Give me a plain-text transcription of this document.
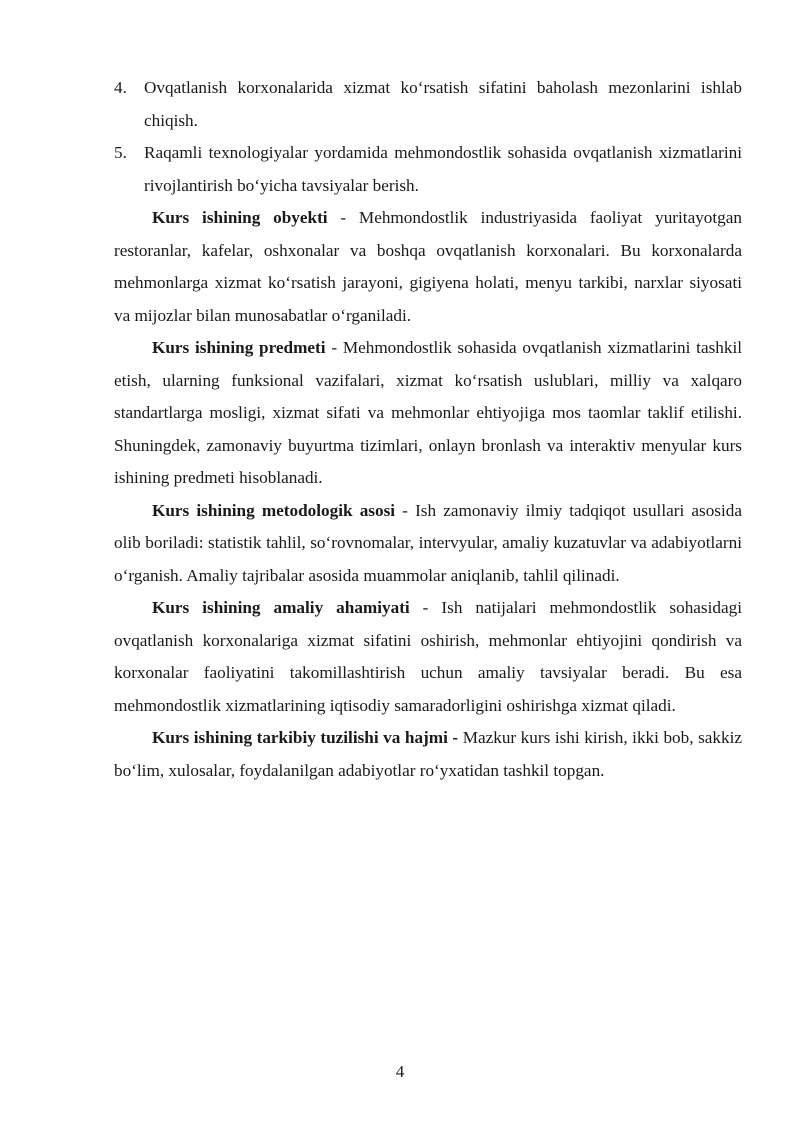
4. Ovqatlanish korxonalarida xizmat ko‘rsatish sifatini baholash mezonlarini ishlab chiqish.
5. Raqamli texnologiyalar yordamida mehmondostlik sohasida ovqatlanish xizmatlarini rivojlantirish bo‘yicha tavsiyalar berish.

Kurs ishining obyekti - Mehmondostlik industriyasida faoliyat yuritayotgan restoranlar, kafelar, oshxonalar va boshqa ovqatlanish korxonalari. Bu korxonalarda mehmonlarga xizmat ko‘rsatish jarayoni, gigiyena holati, menyu tarkibi, narxlar siyosati va mijozlar bilan munosabatlar o‘rganiladi.

Kurs ishining predmeti - Mehmondostlik sohasida ovqatlanish xizmatlarini tashkil etish, ularning funksional vazifalari, xizmat ko‘rsatish uslublari, milliy va xalqaro standartlarga mosligi, xizmat sifati va mehmonlar ehtiyojiga mos taomlar taklif etilishi. Shuningdek, zamonaviy buyurtma tizimlari, onlayn bronlash va interaktiv menyular kurs ishining predmeti hisoblanadi.

Kurs ishining metodologik asosi - Ish zamonaviy ilmiy tadqiqot usullari asosida olib boriladi: statistik tahlil, so‘rovnomalar, intervyular, amaliy kuzatuvlar va adabiyotlarni o‘rganish. Amaliy tajribalar asosida muammolar aniqlanib, tahlil qilinadi.

Kurs ishining amaliy ahamiyati - Ish natijalari mehmondostlik sohasidagi ovqatlanish korxonalariga xizmat sifatini oshirish, mehmonlar ehtiyojini qondirish va korxonalar faoliyatini takomillashtirish uchun amaliy tavsiyalar beradi. Bu esa mehmondostlik xizmatlarining iqtisodiy samaradorligini oshirishga xizmat qiladi.

Kurs ishining tarkibiy tuzilishi va hajmi - Mazkur kurs ishi kirish, ikki bob, sakkiz bo‘lim, xulosalar, foydalanilgan adabiyotlar ro‘yxatidan tashkil topgan.

4
